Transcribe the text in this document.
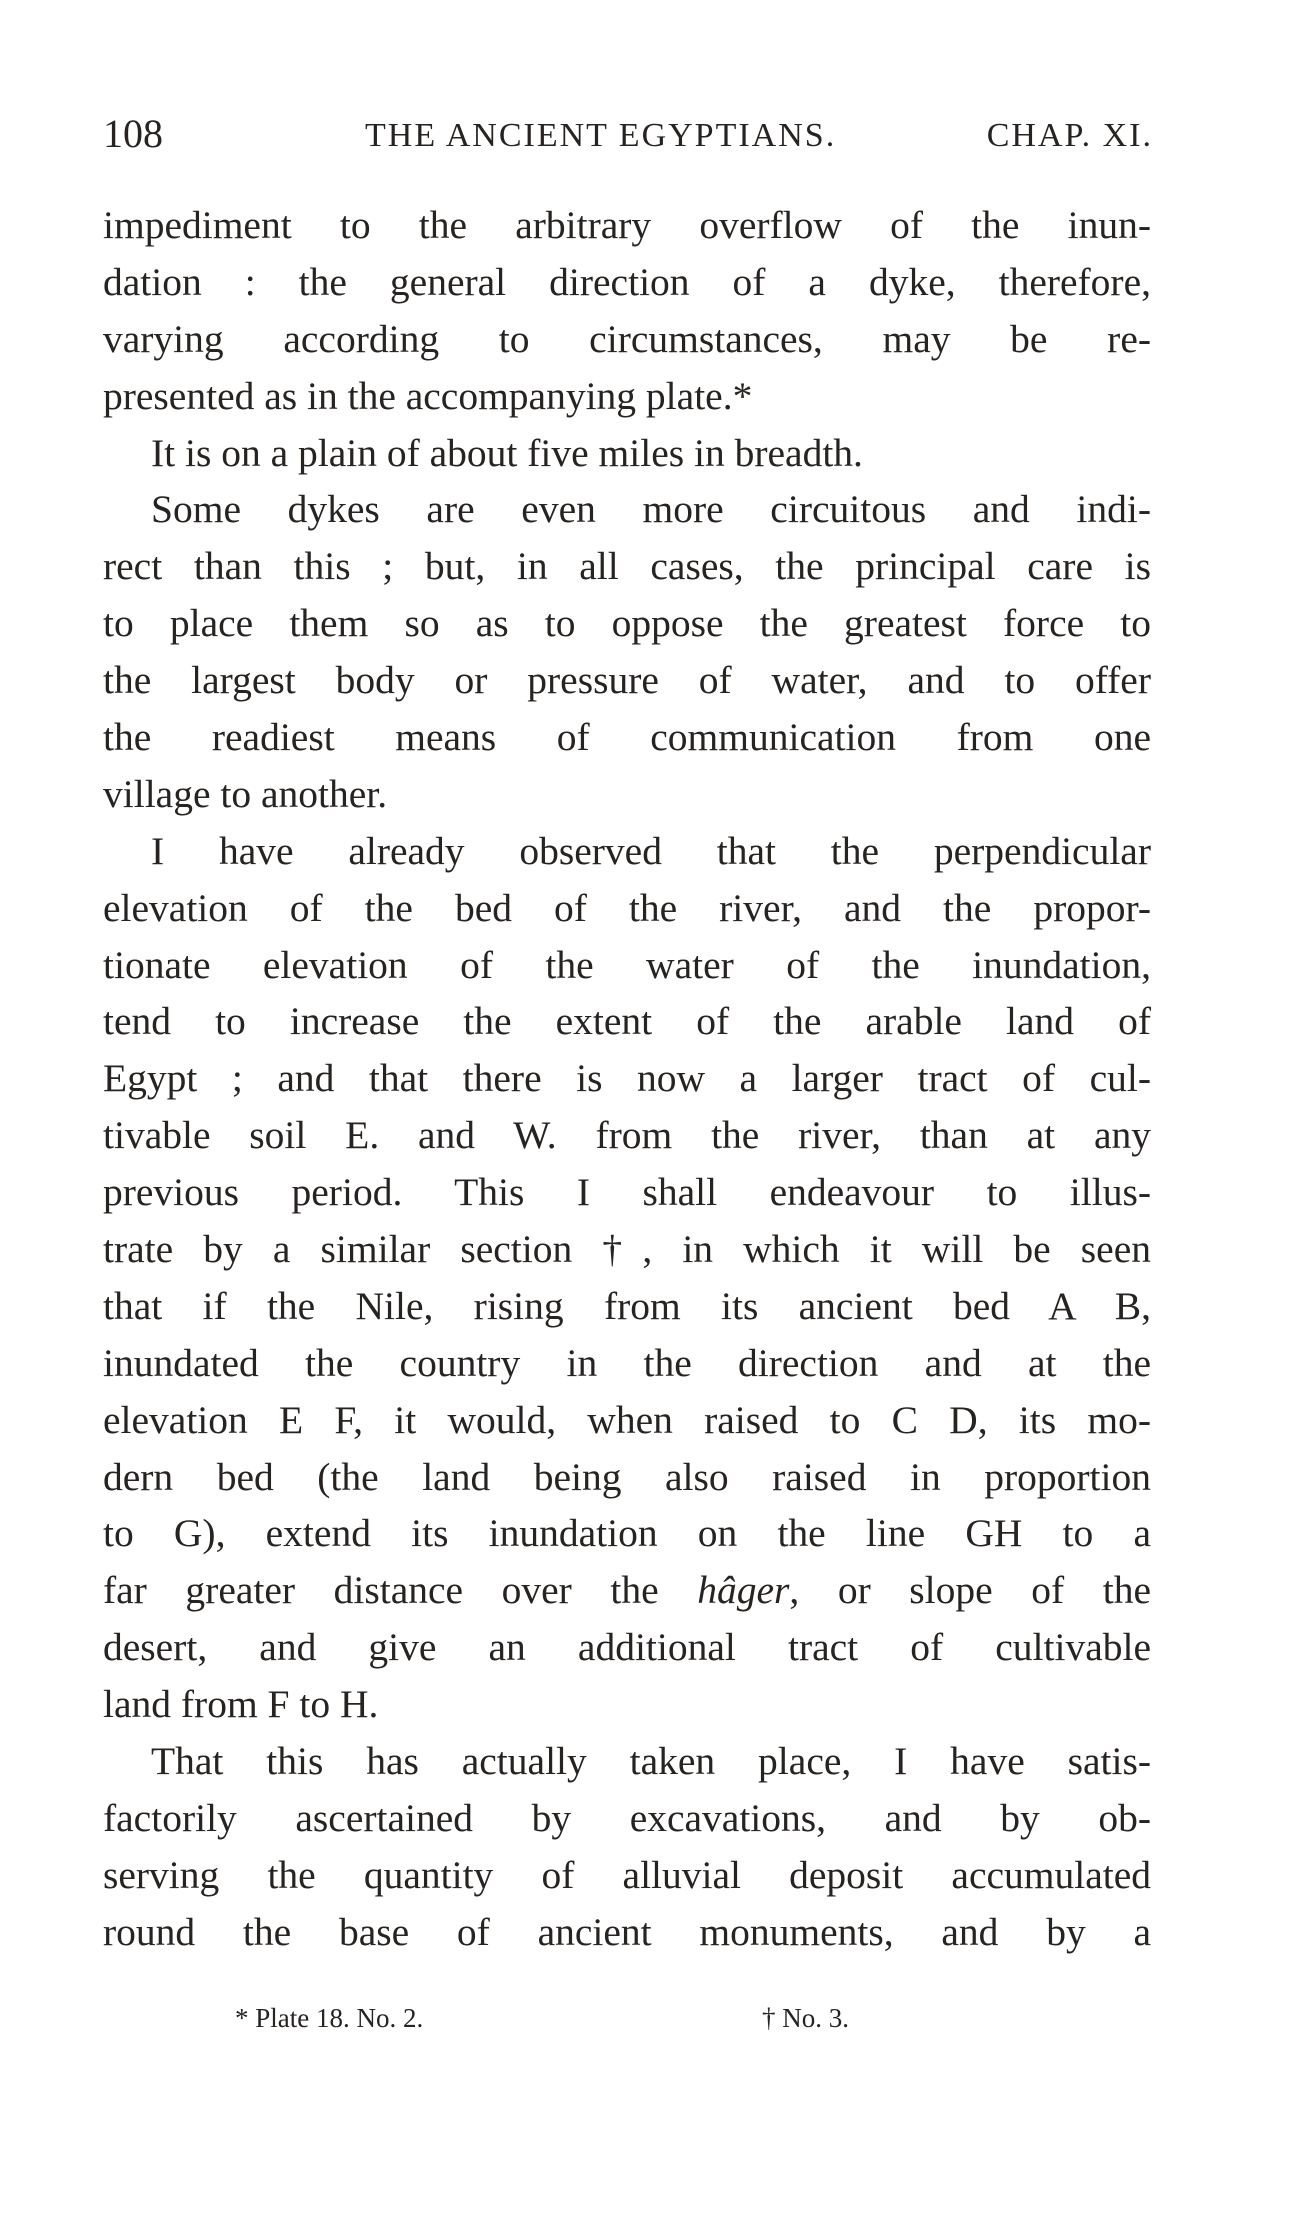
108	THE ANCIENT EGYPTIANS.	CHAP. XI.
impediment to the arbitrary overflow of the inun-
dation : the general direction of a dyke, therefore,
varying according to circumstances, may be re-
presented as in the accompanying plate.*
It is on a plain of about five miles in breadth.
Some dykes are even more circuitous and indi-
rect than this ; but, in all cases, the principal care is
to place them so as to oppose the greatest force to
the largest body or pressure of water, and to offer
the readiest means of communication from one
village to another.
I have already observed that the perpendicular
elevation of the bed of the river, and the propor-
tionate elevation of the water of the inundation,
tend to increase the extent of the arable land of
Egypt ; and that there is now a larger tract of cul-
tivable soil E. and W. from the river, than at any
previous period. This I shall endeavour to illus-
trate by a similar section †, in which it will be seen
that if the Nile, rising from its ancient bed A B,
inundated the country in the direction and at the
elevation E F, it would, when raised to C D, its mo-
dern bed (the land being also raised in proportion
to G), extend its inundation on the line GH to a
far greater distance over the hâger, or slope of the
desert, and give an additional tract of cultivable
land from F to H.
That this has actually taken place, I have satis-
factorily ascertained by excavations, and by ob-
serving the quantity of alluvial deposit accumulated
round the base of ancient monuments, and by a
* Plate 18. No. 2.	† No. 3.
